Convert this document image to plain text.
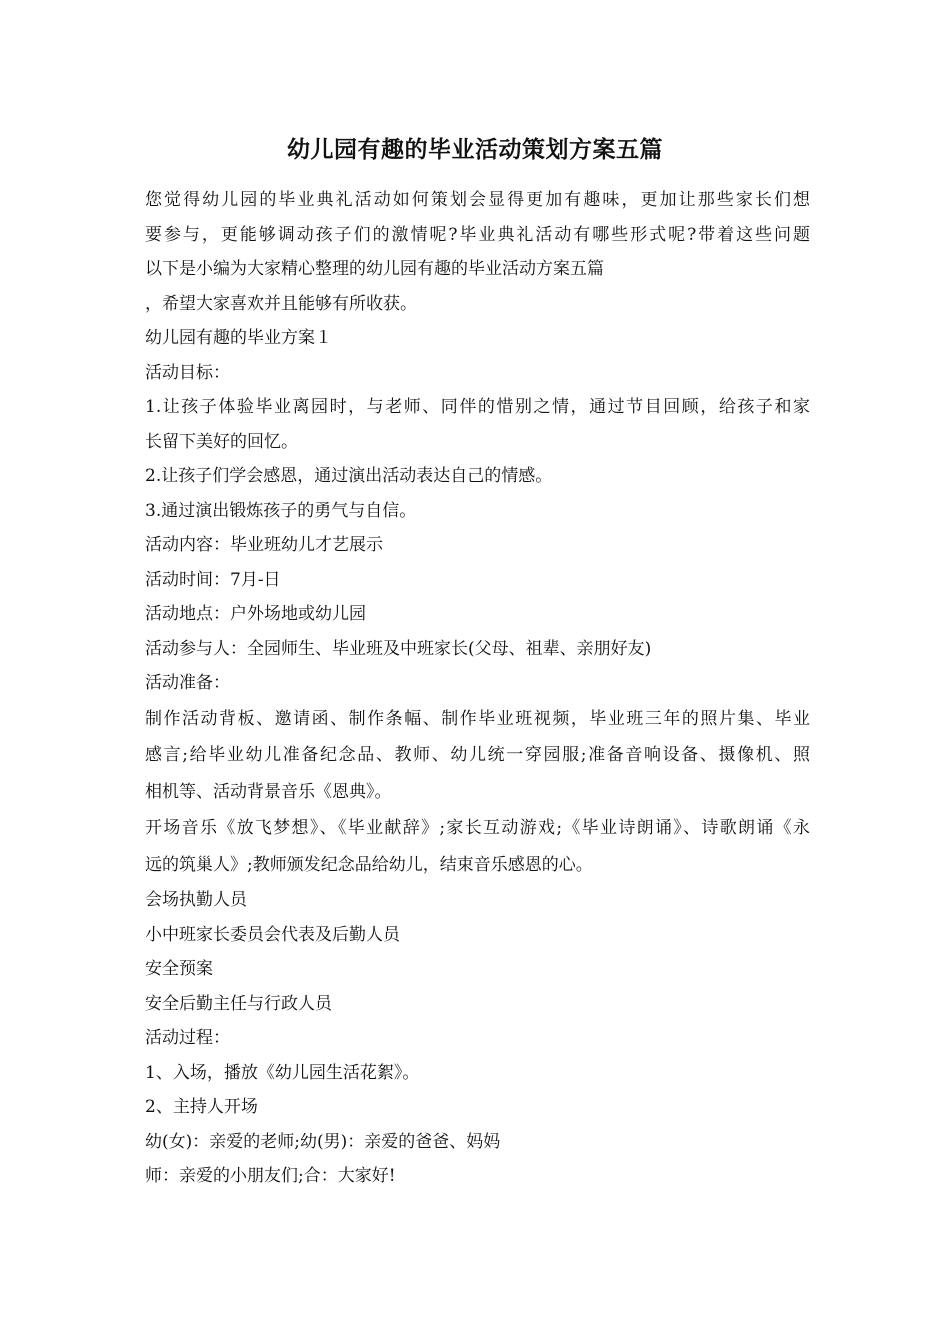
幼儿园有趣的毕业活动策划方案五篇
您觉得幼儿园的毕业典礼活动如何策划会显得更加有趣味，更加让那些家长们想
要参与，更能够调动孩子们的激情呢?毕业典礼活动有哪些形式呢?带着这些问题
以下是小编为大家精心整理的幼儿园有趣的毕业活动方案五篇
，希望大家喜欢并且能够有所收获。
幼儿园有趣的毕业方案１
活动目标：
1.让孩子体验毕业离园时，与老师、同伴的惜别之情，通过节目回顾，给孩子和家
长留下美好的回忆。
2.让孩子们学会感恩，通过演出活动表达自己的情感。
3.通过演出锻炼孩子的勇气与自信。
活动内容：毕业班幼儿才艺展示
活动时间：7月-日
活动地点：户外场地或幼儿园
活动参与人：全园师生、毕业班及中班家长(父母、祖辈、亲朋好友)
活动准备：
制作活动背板、邀请函、制作条幅、制作毕业班视频，毕业班三年的照片集、毕业
感言;给毕业幼儿准备纪念品、教师、幼儿统一穿园服;准备音响设备、摄像机、照
相机等、活动背景音乐《恩典》。
开场音乐《放飞梦想》、《毕业献辞》;家长互动游戏;《毕业诗朗诵》、诗歌朗诵《永
远的筑巢人》;教师颁发纪念品给幼儿，结束音乐感恩的心。
会场执勤人员
小中班家长委员会代表及后勤人员
安全预案
安全后勤主任与行政人员
活动过程：
1、入场，播放《幼儿园生活花絮》。
2、主持人开场
幼(女)：亲爱的老师;幼(男)：亲爱的爸爸、妈妈
师：亲爱的小朋友们;合：大家好!
